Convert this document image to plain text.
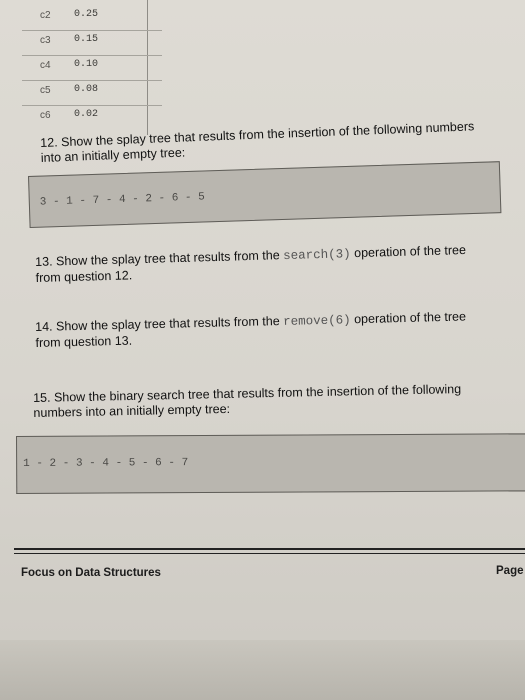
c2 0.25
c3 0.15
c4 0.10
c5 0.08
c6 0.02
12. Show the splay tree that results from the insertion of the following numbers
into an initially empty tree:
3 - 1 - 7 - 4 - 2 - 6 - 5
13. Show the splay tree that results from the search(3) operation of the tree
from question 12.
14. Show the splay tree that results from the remove(6) operation of the tree
from question 13.
15. Show the binary search tree that results from the insertion of the following
numbers into an initially empty tree:
1 - 2 - 3 - 4 - 5 - 6 - 7
Focus on Data Structures	Page
